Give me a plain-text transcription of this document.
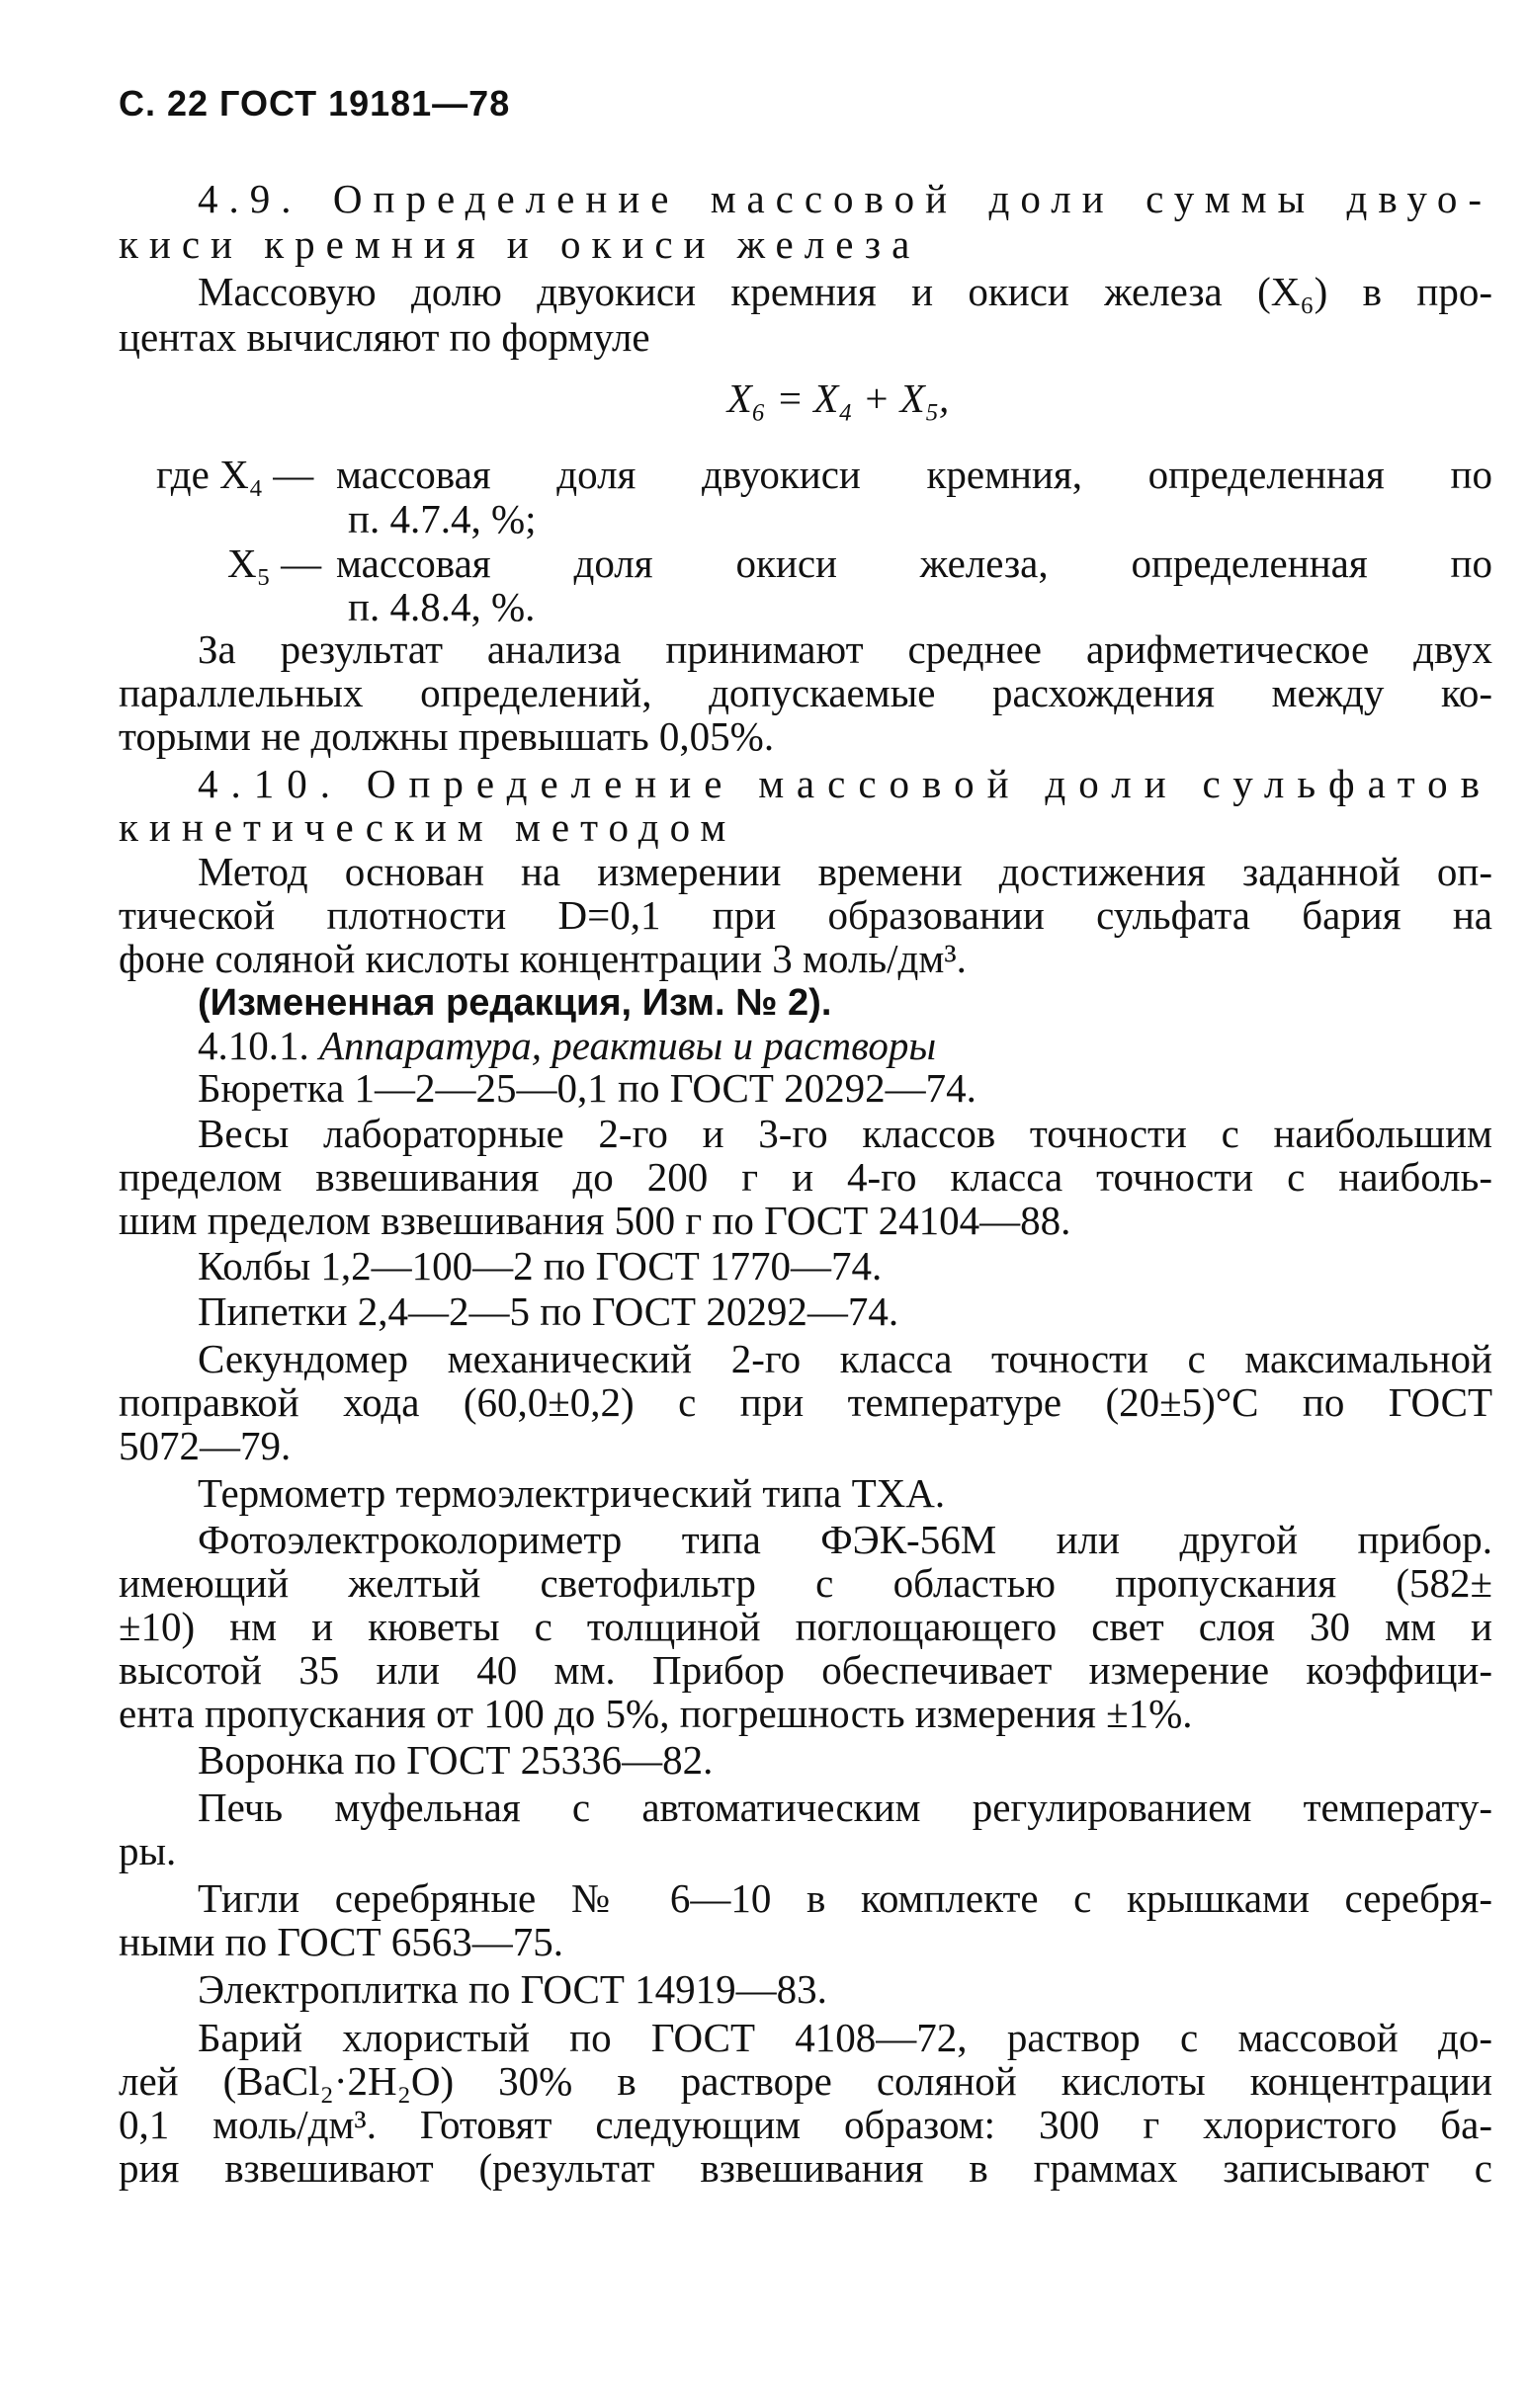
С. 22 ГОСТ 19181—78
4.9. Определение массовой доли суммы двуо-
киси кремния и окиси железа
Массовую долю двуокиси кремния и окиси железа (X₆) в про-
центах вычисляют по формуле
X₆ = X₄ + X₅,
где X₄ — массовая доля двуокиси кремния, определенная по
п. 4.7.4, %;
X₅ — массовая доля окиси железа, определенная по
п. 4.8.4, %.
За результат анализа принимают среднее арифметическое двух
параллельных определений, допускаемые расхождения между ко-
торыми не должны превышать 0,05%.
4.10. Определение массовой доли сульфатов
кинетическим методом
Метод основан на измерении времени достижения заданной оп-
тической плотности D=0,1 при образовании сульфата бария на
фоне соляной кислоты концентрации 3 моль/дм³.
(Измененная редакция, Изм. № 2).
4.10.1. Аппаратура, реактивы и растворы
Бюретка 1—2—25—0,1 по ГОСТ 20292—74.
Весы лабораторные 2-го и 3-го классов точности с наибольшим
пределом взвешивания до 200 г и 4-го класса точности с наиболь-
шим пределом взвешивания 500 г по ГОСТ 24104—88.
Колбы 1,2—100—2 по ГОСТ 1770—74.
Пипетки 2,4—2—5 по ГОСТ 20292—74.
Секундомер механический 2-го класса точности с максимальной
поправкой хода (60,0±0,2) с при температуре (20±5)°С по ГОСТ
5072—79.
Термометр термоэлектрический типа ТХА.
Фотоэлектроколориметр типа ФЭК-56М или другой прибор.
имеющий желтый светофильтр с областью пропускания (582±
±10) нм и кюветы с толщиной поглощающего свет слоя 30 мм и
высотой 35 или 40 мм. Прибор обеспечивает измерение коэффици-
ента пропускания от 100 до 5%, погрешность измерения ±1%.
Воронка по ГОСТ 25336—82.
Печь муфельная с автоматическим регулированием температу-
ры.
Тигли серебряные № 6—10 в комплекте с крышками серебря-
ными по ГОСТ 6563—75.
Электроплитка по ГОСТ 14919—83.
Барий хлористый по ГОСТ 4108—72, раствор с массовой до-
лей (BaCl₂·2H₂O) 30% в растворе соляной кислоты концентрации
0,1 моль/дм³. Готовят следующим образом: 300 г хлористого ба-
рия взвешивают (результат взвешивания в граммах записывают с
